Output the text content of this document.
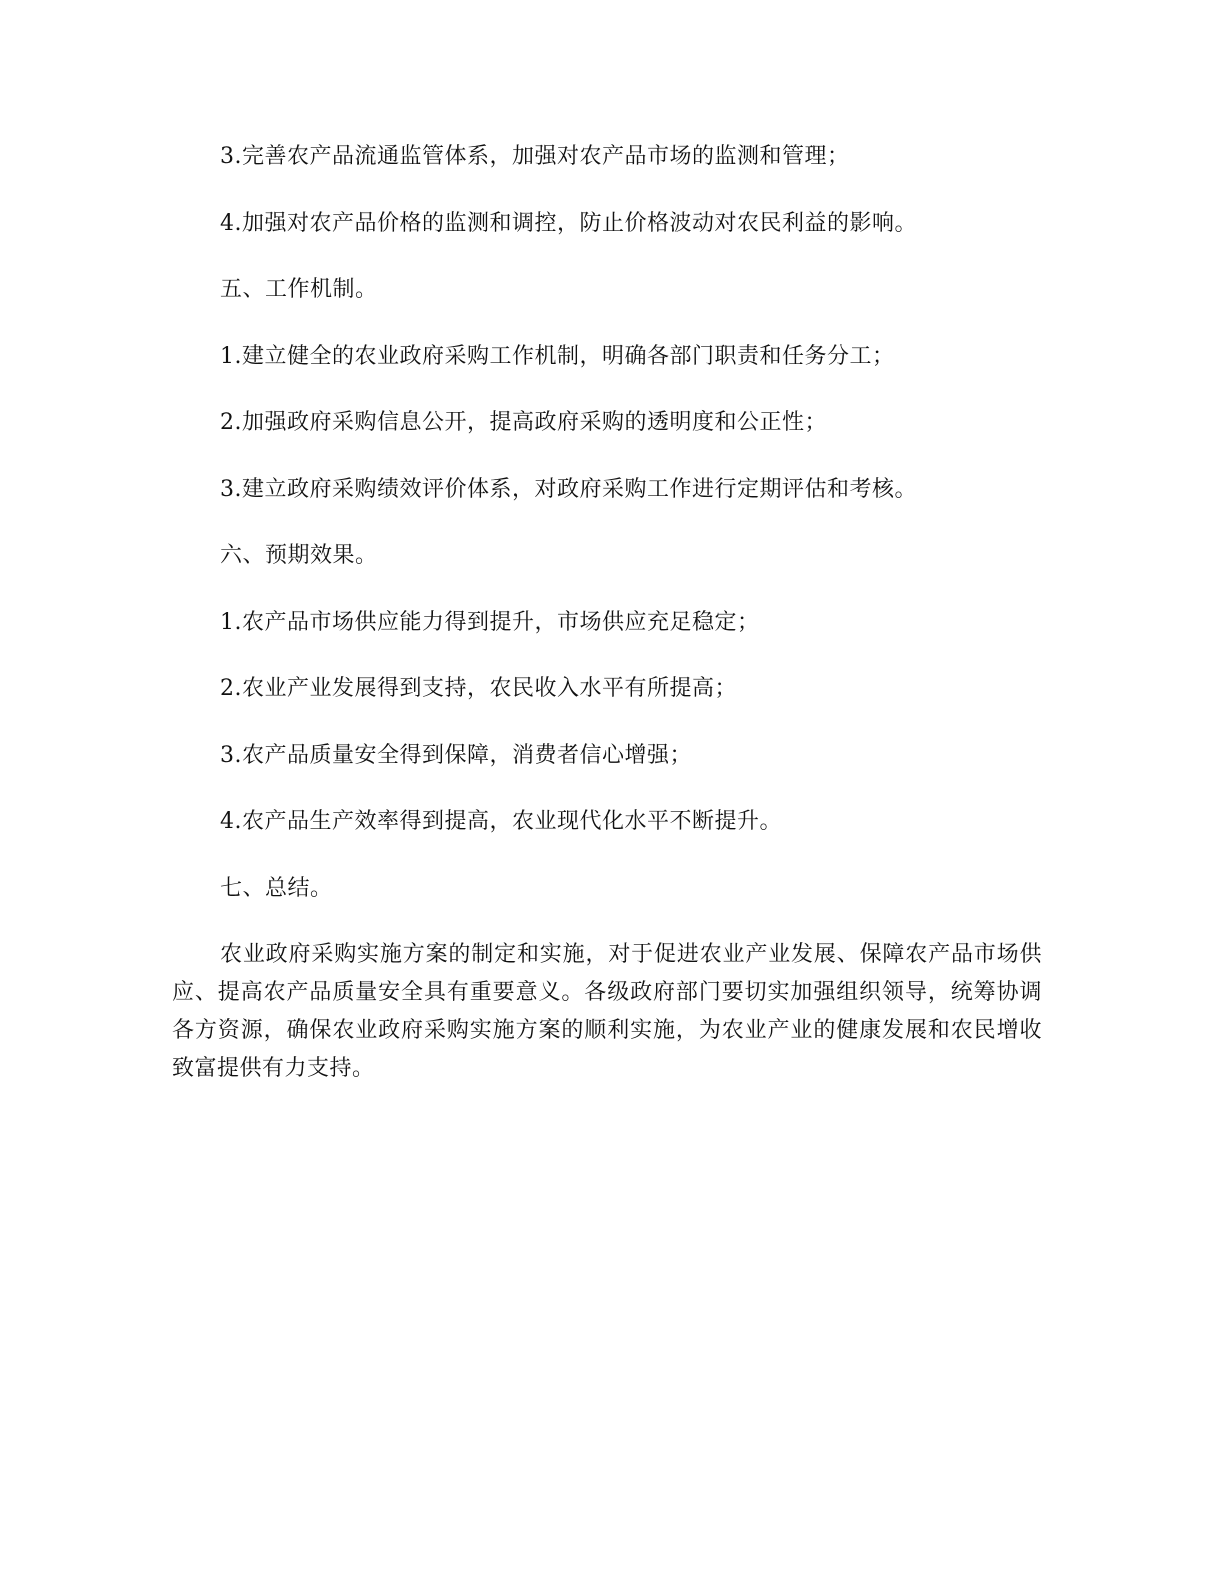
3.完善农产品流通监管体系，加强对农产品市场的监测和管理；
4.加强对农产品价格的监测和调控，防止价格波动对农民利益的影响。
五、工作机制。
1.建立健全的农业政府采购工作机制，明确各部门职责和任务分工；
2.加强政府采购信息公开，提高政府采购的透明度和公正性；
3.建立政府采购绩效评价体系，对政府采购工作进行定期评估和考核。
六、预期效果。
1.农产品市场供应能力得到提升，市场供应充足稳定；
2.农业产业发展得到支持，农民收入水平有所提高；
3.农产品质量安全得到保障，消费者信心增强；
4.农产品生产效率得到提高，农业现代化水平不断提升。
七、总结。

农业政府采购实施方案的制定和实施，对于促进农业产业发展、保障农产品市场供应、提高农产品质量安全具有重要意义。各级政府部门要切实加强组织领导，统筹协调各方资源，确保农业政府采购实施方案的顺利实施，为农业产业的健康发展和农民增收致富提供有力支持。
